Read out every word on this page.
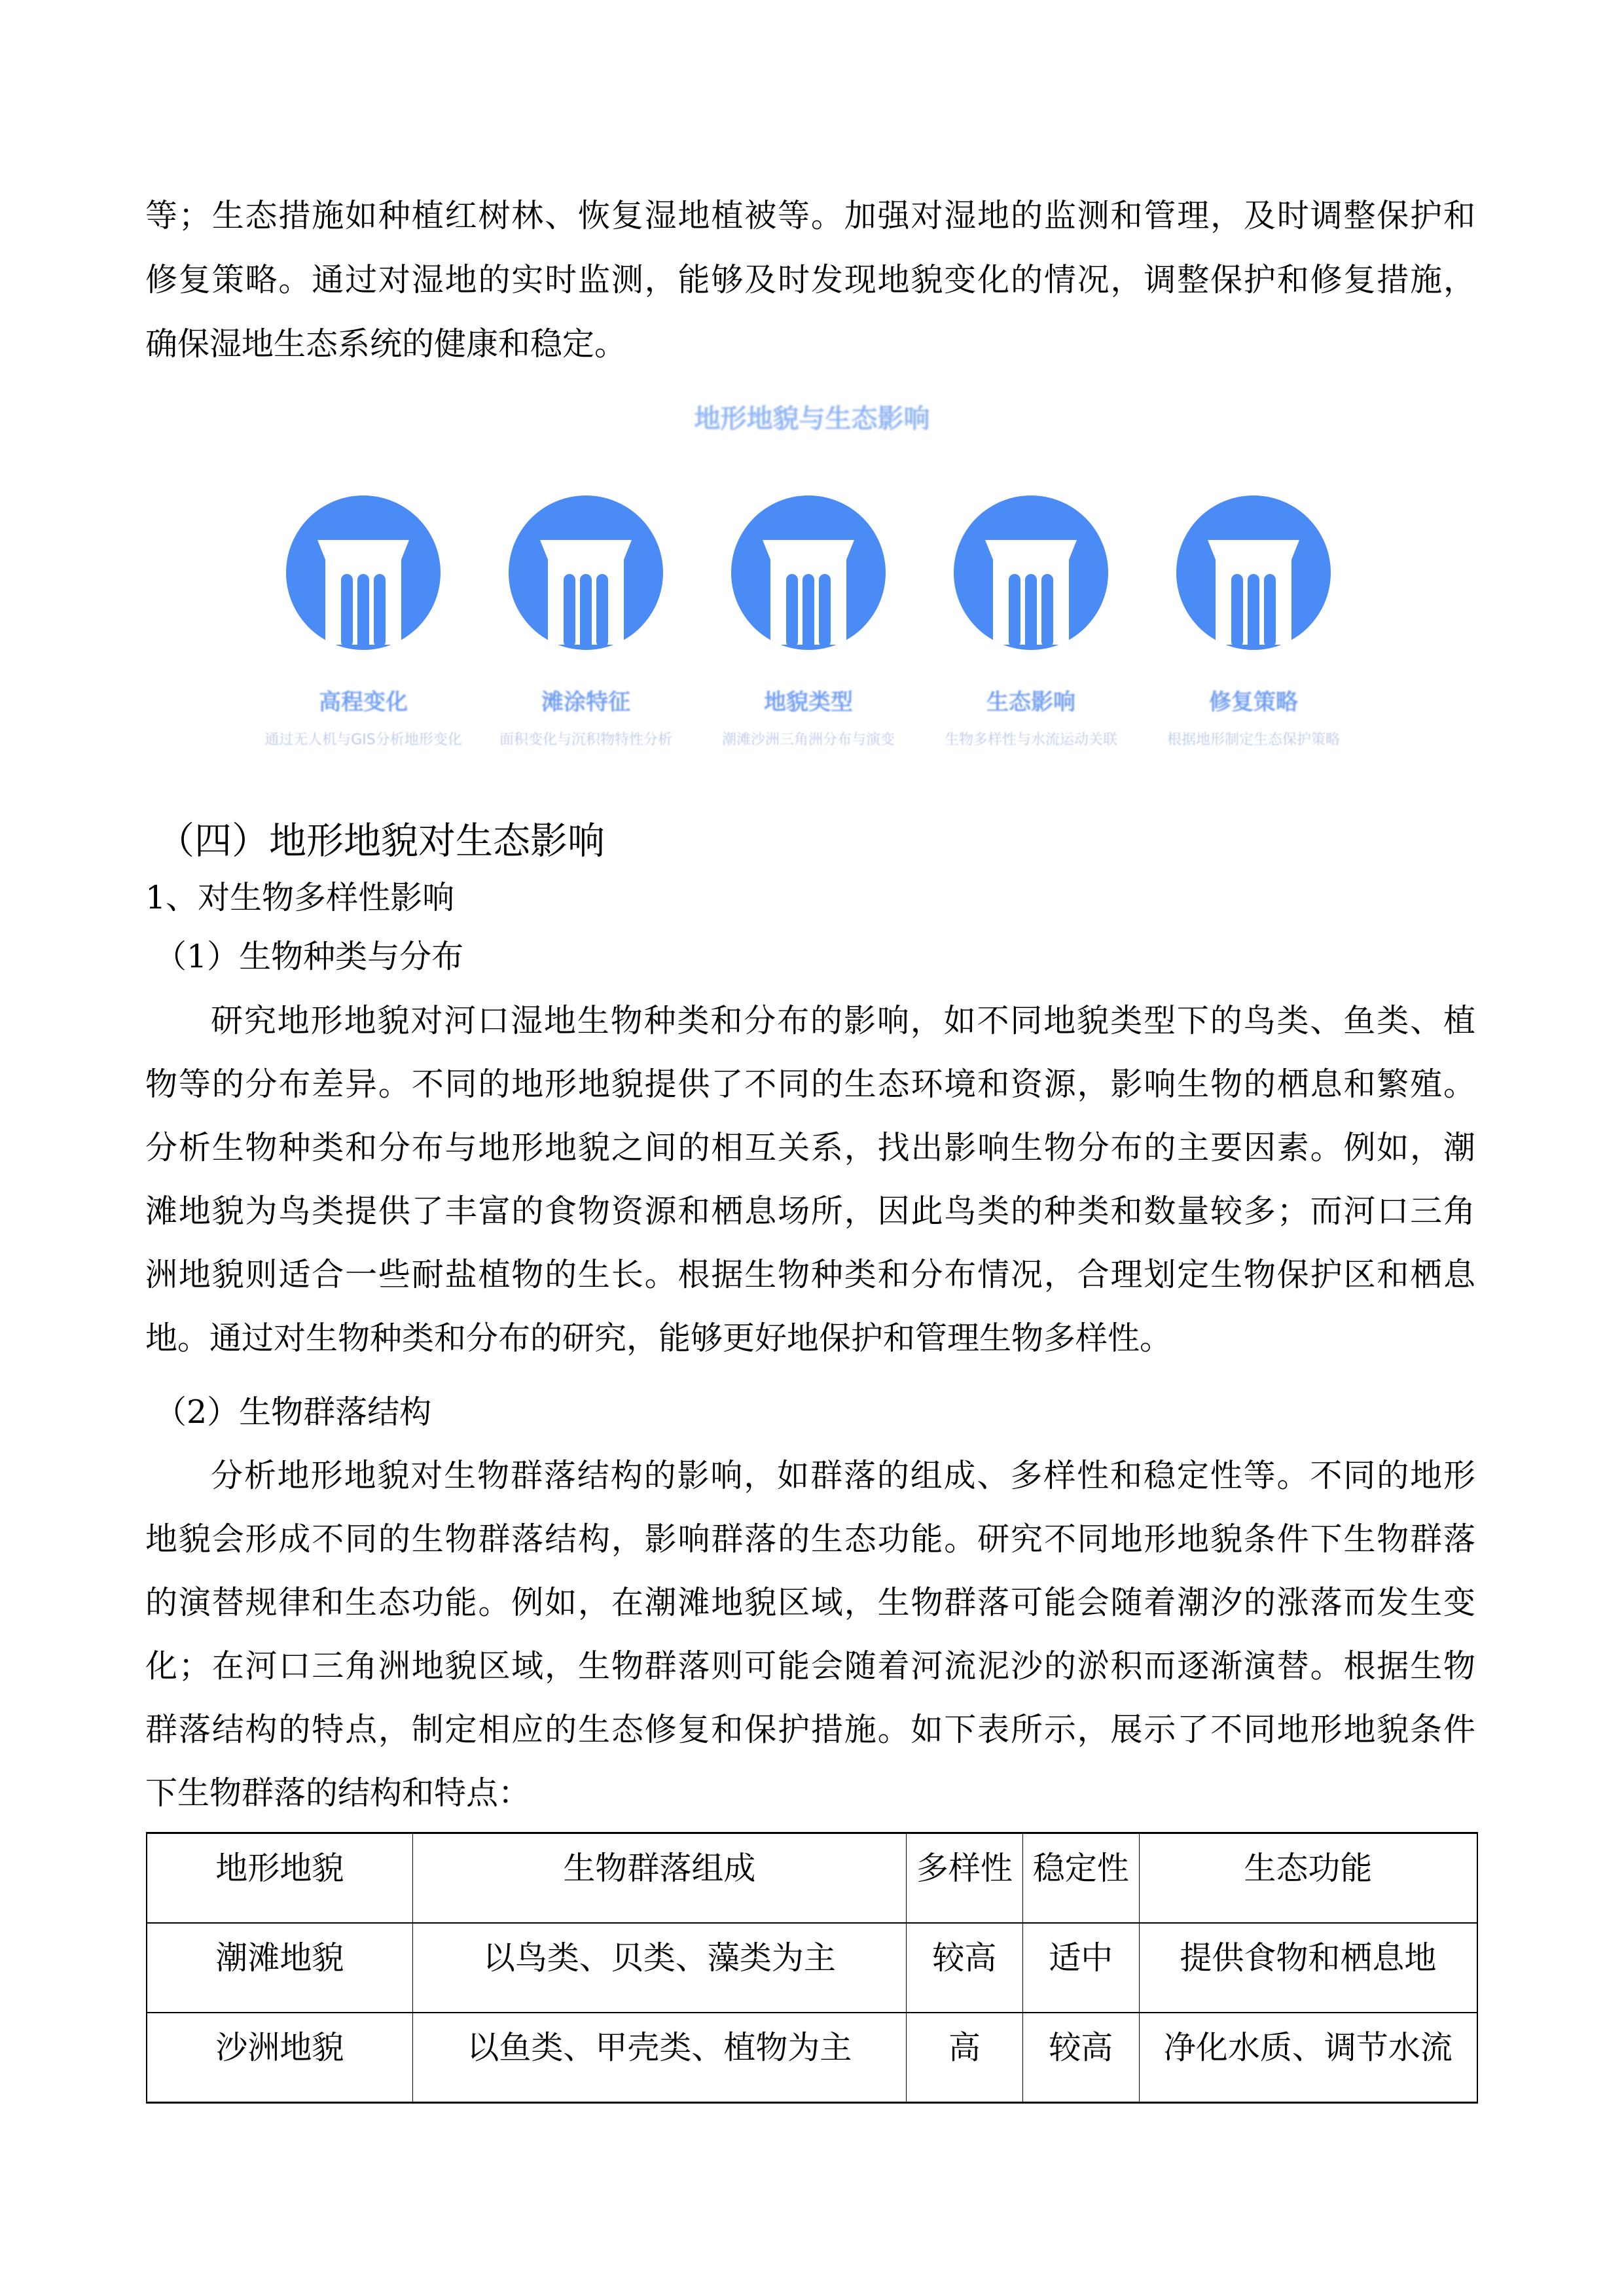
等；生态措施如种植红树林、恢复湿地植被等。加强对湿地的监测和管理，及时调整保护和
修复策略。通过对湿地的实时监测，能够及时发现地貌变化的情况，调整保护和修复措施，
确保湿地生态系统的健康和稳定。
地形地貌与生态影响
高程变化
通过无人机与GIS分析地形变化
滩涂特征
面积变化与沉积物特性分析
地貌类型
潮滩沙洲三角洲分布与演变
生态影响
生物多样性与水流运动关联
修复策略
根据地形制定生态保护策略
（四）地形地貌对生态影响
1、对生物多样性影响
（1）生物种类与分布
研究地形地貌对河口湿地生物种类和分布的影响，如不同地貌类型下的鸟类、鱼类、植
物等的分布差异。不同的地形地貌提供了不同的生态环境和资源，影响生物的栖息和繁殖。
分析生物种类和分布与地形地貌之间的相互关系，找出影响生物分布的主要因素。例如，潮
滩地貌为鸟类提供了丰富的食物资源和栖息场所，因此鸟类的种类和数量较多；而河口三角
洲地貌则适合一些耐盐植物的生长。根据生物种类和分布情况，合理划定生物保护区和栖息
地。通过对生物种类和分布的研究，能够更好地保护和管理生物多样性。
（2）生物群落结构
分析地形地貌对生物群落结构的影响，如群落的组成、多样性和稳定性等。不同的地形
地貌会形成不同的生物群落结构，影响群落的生态功能。研究不同地形地貌条件下生物群落
的演替规律和生态功能。例如，在潮滩地貌区域，生物群落可能会随着潮汐的涨落而发生变
化；在河口三角洲地貌区域，生物群落则可能会随着河流泥沙的淤积而逐渐演替。根据生物
群落结构的特点，制定相应的生态修复和保护措施。如下表所示，展示了不同地形地貌条件
下生物群落的结构和特点：
地形地貌	生物群落组成	多样性	稳定性	生态功能
潮滩地貌	以鸟类、贝类、藻类为主	较高	适中	提供食物和栖息地
沙洲地貌	以鱼类、甲壳类、植物为主	高	较高	净化水质、调节水流
